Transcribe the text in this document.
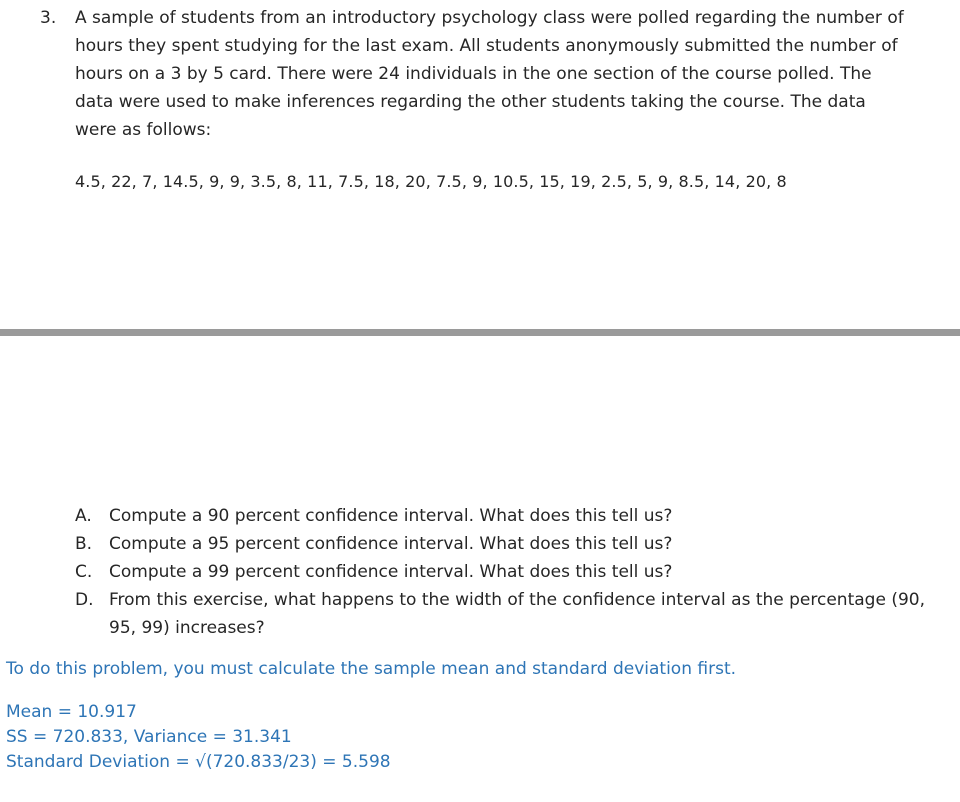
3. A sample of students from an introductory psychology class were polled regarding the number of hours they spent studying for the last exam. All students anonymously submitted the number of hours on a 3 by 5 card. There were 24 individuals in the one section of the course polled. The data were used to make inferences regarding the other students taking the course. The data were as follows:
4.5, 22, 7, 14.5, 9, 9, 3.5, 8, 11, 7.5, 18, 20, 7.5, 9, 10.5, 15, 19, 2.5, 5, 9, 8.5, 14, 20, 8
A. Compute a 90 percent confidence interval. What does this tell us?
B. Compute a 95 percent confidence interval. What does this tell us?
C. Compute a 99 percent confidence interval. What does this tell us?
D. From this exercise, what happens to the width of the confidence interval as the percentage (90, 95, 99) increases?
To do this problem, you must calculate the sample mean and standard deviation first.
Mean = 10.917
SS = 720.833, Variance = 31.341
Standard Deviation = √(720.833/23) = 5.598
